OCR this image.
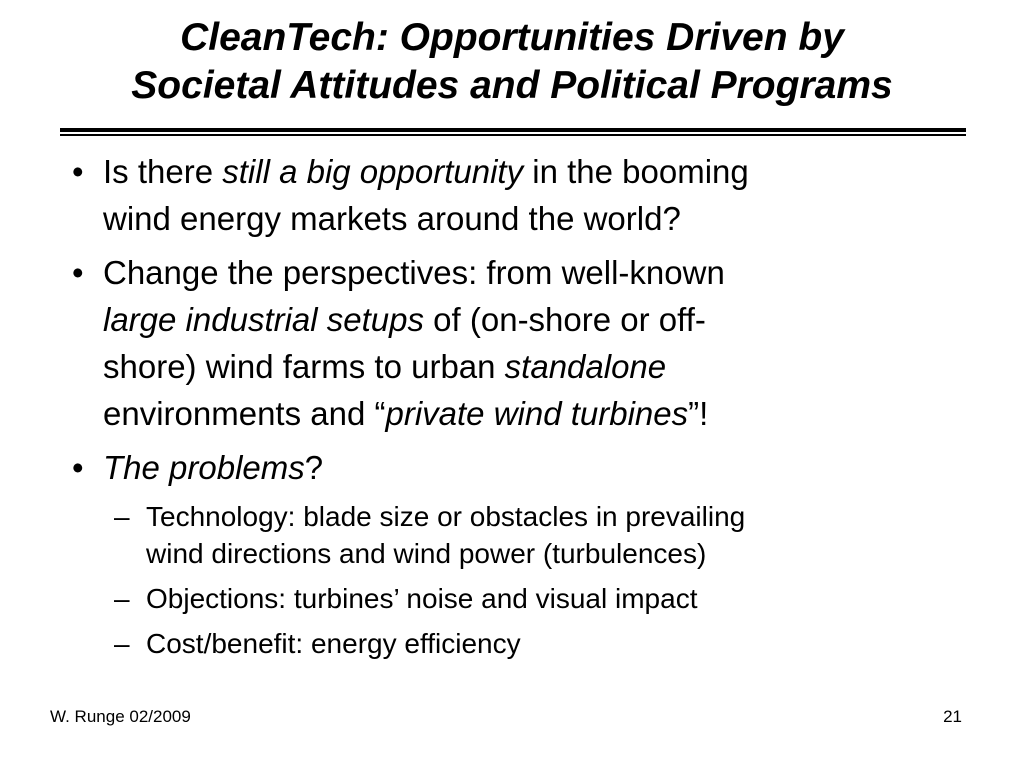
CleanTech: Opportunities Driven by
Societal Attitudes and Political Programs
• Is there still a big opportunity in the booming
wind energy markets around the world?
• Change the perspectives: from well-known
large industrial setups of (on-shore or off-
shore) wind farms to urban standalone
environments and “private wind turbines”!
• The problems?
– Technology: blade size or obstacles in prevailing
wind directions and wind power (turbulences)
– Objections: turbines’ noise and visual impact
– Cost/benefit: energy efficiency
W. Runge 02/2009	21
